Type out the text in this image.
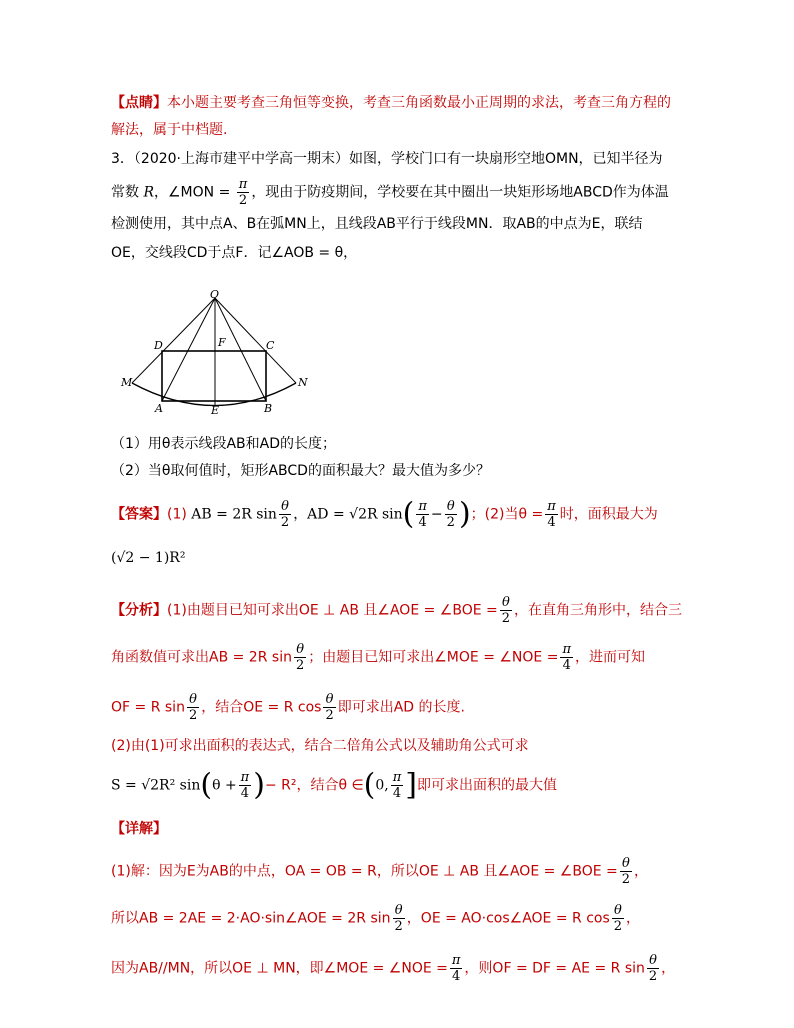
【点睛】本小题主要考查三角恒等变换，考查三角函数最小正周期的求法，考查三角方程的
解法，属于中档题.
3．（2020·上海市建平中学高一期末）如图，学校门口有一块扇形空地OMN，已知半径为
常数 R，∠MON = $\frac{\pi}{2}$ ，现由于防疫期间，学校要在其中圈出一块矩形场地ABCD作为体温
检测使用，其中点A、B在弧MN上，且线段AB平行于线段MN．取AB的中点为E，联结
OE，交线段CD于点F．记∠AOB = θ，
O
D	F	C
M	N
A	E	B
（1）用θ表示线段AB和AD的长度；
（2）当θ取何值时，矩形ABCD的面积最大？最大值为多少？
【答案】(1) AB = 2R $\sin \frac{\theta}{2}$ ，AD = √2R $\sin( \frac{\pi}{4} - \frac{\theta}{2}$ )；(2)当$\theta = \frac{\pi}{4}$ 时，面积最大为
(√2 − 1)R²
【分析】(1)由题目已知可求出OE ⊥ AB 且∠AOE = ∠BOE = $\frac{\theta}{2}$ ，在直角三角形中，结合三
角函数值可求出AB = 2R $\sin \frac{\theta}{2}$ ；由题目已知可求出∠MOE = ∠NOE = $\frac{\pi}{4}$ ，进而可知
OF = R $\sin \frac{\theta}{2}$ ，结合OE = R $\cos \frac{\theta}{2}$ 即可求出AD 的长度.
(2)由(1)可求出面积的表达式，结合二倍角公式以及辅助角公式可求
S = √2R² $\sin(\theta + \frac{\pi}{4}$ )− R²，结合θ ∈(0, $\frac{\pi}{4}$ ]即可求出面积的最大值
【详解】
(1)解：因为E为AB的中点，OA = OB = R，所以OE ⊥ AB 且∠AOE = ∠BOE = $\frac{\theta}{2}$ ，
所以AB = 2AE = 2·AO·sin∠AOE = 2R $\sin \frac{\theta}{2}$ ，OE = AO·cos∠AOE = R $\cos \frac{\theta}{2}$ ，
因为AB//MN，所以OE ⊥ MN，即∠MOE = ∠NOE = $\frac{\pi}{4}$ ，则OF = DF = AE = R $\sin \frac{\theta}{2}$ ，
